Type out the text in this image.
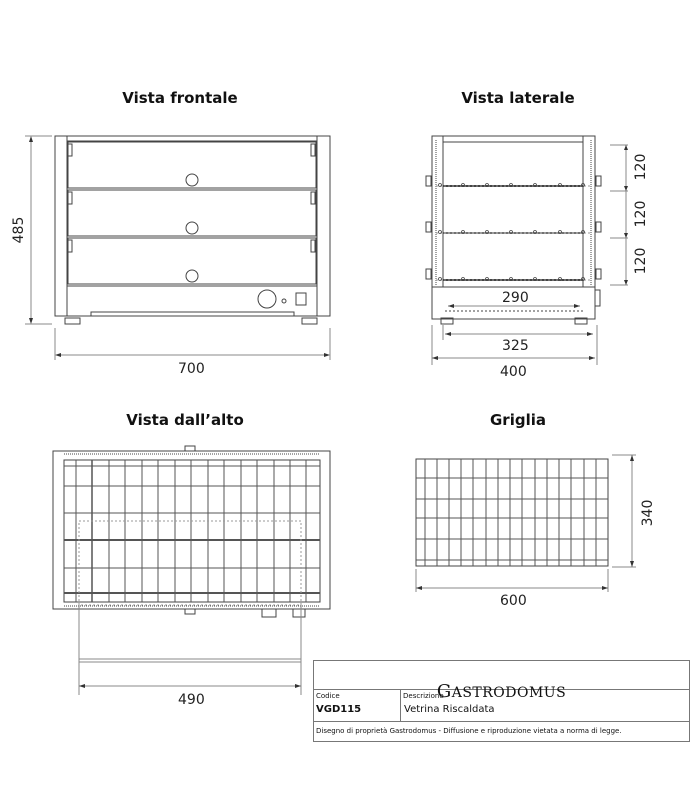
Vista frontale	Vista laterale
Vista dall’alto	Griglia
485
700
120
120
120
290
325
400
490
600
340
GASTRODOMUS
Codice
VGD115
Descrizione
Vetrina Riscaldata
Disegno di proprietà Gastrodomus - Diffusione e riproduzione vietata a norma di legge.
